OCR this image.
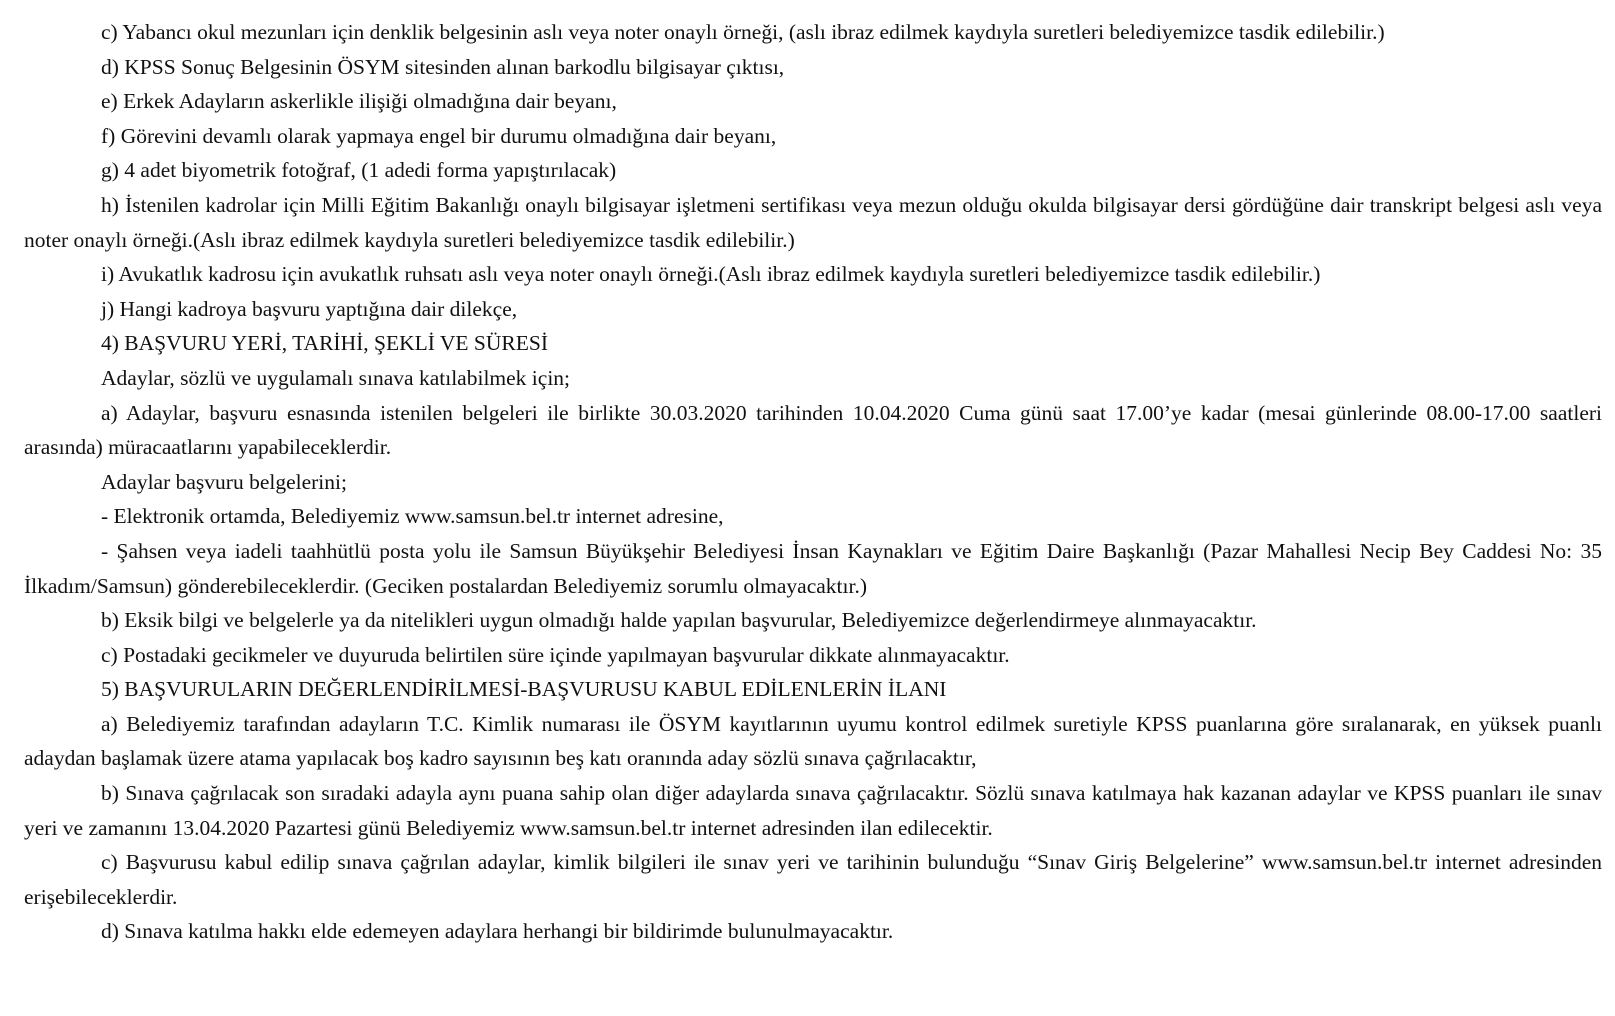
c) Yabancı okul mezunları için denklik belgesinin aslı veya noter onaylı örneği, (aslı ibraz edilmek kaydıyla suretleri belediyemizce tasdik edilebilir.)

d) KPSS Sonuç Belgesinin ÖSYM sitesinden alınan barkodlu bilgisayar çıktısı,

e) Erkek Adayların askerlikle ilişiği olmadığına dair beyanı,

f) Görevini devamlı olarak yapmaya engel bir durumu olmadığına dair beyanı,

g) 4 adet biyometrik fotoğraf, (1 adedi forma yapıştırılacak)

h) İstenilen kadrolar için Milli Eğitim Bakanlığı onaylı bilgisayar işletmeni sertifikası veya mezun olduğu okulda bilgisayar dersi gördüğüne dair transkript belgesi aslı veya noter onaylı örneği.(Aslı ibraz edilmek kaydıyla suretleri belediyemizce tasdik edilebilir.)

i) Avukatlık kadrosu için avukatlık ruhsatı aslı veya noter onaylı örneği.(Aslı ibraz edilmek kaydıyla suretleri belediyemizce tasdik edilebilir.)

j) Hangi kadroya başvuru yaptığına dair dilekçe,

4) BAŞVURU YERİ, TARİHİ, ŞEKLİ VE SÜRESİ

Adaylar, sözlü ve uygulamalı sınava katılabilmek için;

a) Adaylar, başvuru esnasında istenilen belgeleri ile birlikte 30.03.2020 tarihinden 10.04.2020 Cuma günü saat 17.00’ye kadar (mesai günlerinde 08.00-17.00 saatleri arasında) müracaatlarını yapabileceklerdir.

Adaylar başvuru belgelerini;

- Elektronik ortamda, Belediyemiz www.samsun.bel.tr internet adresine,

- Şahsen veya iadeli taahhütlü posta yolu ile Samsun Büyükşehir Belediyesi İnsan Kaynakları ve Eğitim Daire Başkanlığı (Pazar Mahallesi Necip Bey Caddesi No: 35 İlkadım/Samsun) gönderebileceklerdir. (Geciken postalardan Belediyemiz sorumlu olmayacaktır.)

b) Eksik bilgi ve belgelerle ya da nitelikleri uygun olmadığı halde yapılan başvurular, Belediyemizce değerlendirmeye alınmayacaktır.

c) Postadaki gecikmeler ve duyuruda belirtilen süre içinde yapılmayan başvurular dikkate alınmayacaktır.

5) BAŞVURULARIN DEĞERLENDİRİLMESİ-BAŞVURUSU KABUL EDİLENLERİN İLANI

a) Belediyemiz tarafından adayların T.C. Kimlik numarası ile ÖSYM kayıtlarının uyumu kontrol edilmek suretiyle KPSS puanlarına göre sıralanarak, en yüksek puanlı adaydan başlamak üzere atama yapılacak boş kadro sayısının beş katı oranında aday sözlü sınava çağrılacaktır,

b) Sınava çağrılacak son sıradaki adayla aynı puana sahip olan diğer adaylarda sınava çağrılacaktır. Sözlü sınava katılmaya hak kazanan adaylar ve KPSS puanları ile sınav yeri ve zamanını 13.04.2020 Pazartesi günü Belediyemiz www.samsun.bel.tr internet adresinden ilan edilecektir.

c) Başvurusu kabul edilip sınava çağrılan adaylar, kimlik bilgileri ile sınav yeri ve tarihinin bulunduğu “Sınav Giriş Belgelerine” www.samsun.bel.tr internet adresinden erişebileceklerdir.

d) Sınava katılma hakkı elde edemeyen adaylara herhangi bir bildirimde bulunulmayacaktır.
